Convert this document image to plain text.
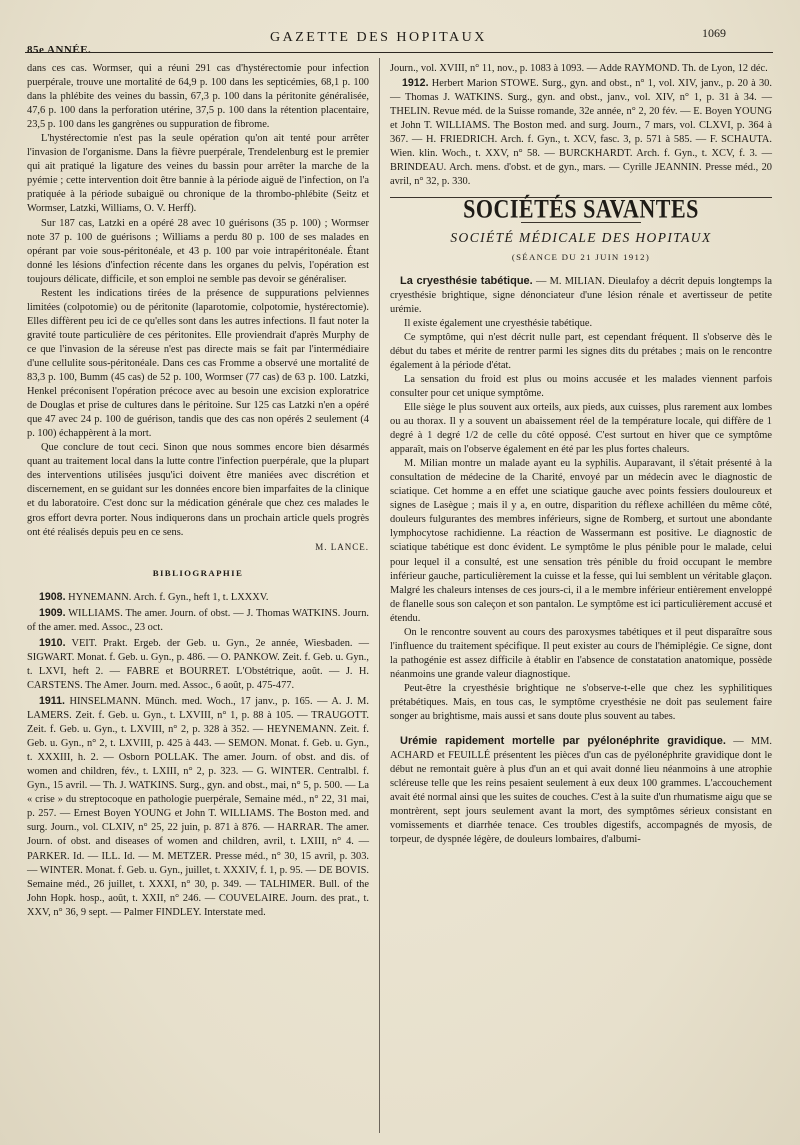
85e ANNÉE.
GAZETTE DES HOPITAUX	1069

dans ces cas. Wormser, qui a réuni 291 cas d'hystérectomie pour infection puerpérale, trouve une mortalité de 64,9 p. 100 dans les septicémies, 68,1 p. 100 dans la phlébite des veines du bassin, 67,3 p. 100 dans la péritonite généralisée, 47,6 p. 100 dans la perforation utérine, 37,5 p. 100 dans la rétention placentaire, 23,5 p. 100 dans les gangrènes ou suppuration de fibrome.

L'hystérectomie n'est pas la seule opération qu'on ait tenté pour arrêter l'invasion de l'organisme. Dans la fièvre puerpérale, Trendelenburg est le premier qui ait pratiqué la ligature des veines du bassin pour arrêter la marche de la pyémie ; cette intervention doit être bannie à la période aiguë de l'infection, on l'a pratiquée à la période subaiguë ou chronique de la thrombo-phlébite (Seitz et Wormser, Latzki, Williams, O. V. Herff).

Sur 187 cas, Latzki en a opéré 28 avec 10 guérisons (35 p. 100) ; Wormser note 37 p. 100 de guérisons ; Williams a perdu 80 p. 100 de ses malades en opérant par voie sous-péritonéale, et 43 p. 100 par voie intrapéritonéale. Étant donné les lésions d'infection récente dans les organes du pelvis, l'opération est toujours délicate, difficile, et son emploi ne semble pas devoir se généraliser.

Restent les indications tirées de la présence de suppurations pelviennes limitées (colpotomie) ou de péritonite (laparotomie, colpotomie, hystérectomie). Elles diffèrent peu ici de ce qu'elles sont dans les autres infections. Il faut noter la gravité toute particulière de ces péritonites. Elle proviendrait d'après Murphy de ce que l'invasion de la séreuse n'est pas directe mais se fait par l'intermédiaire d'une cellulite sous-péritonéale. Dans ces cas Fromme a observé une mortalité de 83,3 p. 100, Bumm (45 cas) de 52 p. 100, Wormser (77 cas) de 63 p. 100. Latzki, Henkel préconisent l'opération précoce avec au besoin une excision exploratrice de Douglas et prise de cultures dans le péritoine. Sur 125 cas Latzki n'en a opéré que 47 avec 24 p. 100 de guérison, tandis que des cas non opérés 2 seulement (4 p. 100) échappèrent à la mort.

Que conclure de tout ceci. Sinon que nous sommes encore bien désarmés quant au traitement local dans la lutte contre l'infection puerpérale, que la plupart des interventions utilisées jusqu'ici doivent être maniées avec discrétion et discernement, en se guidant sur les données encore bien imparfaites de la clinique et du laboratoire. C'est donc sur la médication générale que chez ces malades le gros effort devra porter. Nous indiquerons dans un prochain article quels progrès ont été réalisés depuis peu en ce sens.

M. LANCE.

BIBLIOGRAPHIE

1908. HYNEMANN. Arch. f. Gyn., heft 1, t. LXXXV.

1909. WILLIAMS. The amer. Journ. of obst. — J. Thomas WATKINS. Journ. of the amer. med. Assoc., 23 oct.

1910. VEIT. Prakt. Ergeb. der Geb. u. Gyn., 2e année, Wiesbaden. — SIGWART. Monat. f. Geb. u. Gyn., p. 486. — O. PANKOW. Zeit. f. Geb. u. Gyn., t. LXVI, heft 2. — FABRE et BOURRET. L'Obstétrique, août. — J. H. CARSTENS. The Amer. Journ. med. Assoc., 6 août, p. 475-477.

1911. HINSELMANN. Münch. med. Woch., 17 janv., p. 165. — A. J. M. LAMERS. Zeit. f. Geb. u. Gyn., t. LXVIII, n° 1, p. 88 à 105. — TRAUGOTT. Zeit. f. Geb. u. Gyn., t. LXVIII, n° 2, p. 328 à 352. — HEYNEMANN. Zeit. f. Geb. u. Gyn., n° 2, t. LXVIII, p. 425 à 443. — SEMON. Monat. f. Geb. u. Gyn., t. XXXIII, h. 2. — Osborn POLLAK. The amer. Journ. of obst. and dis. of women and children, fév., t. LXIII, n° 2, p. 323. — G. WINTER. Centralbl. f. Gyn., 15 avril. — Th. J. WATKINS. Surg., gyn. and obst., mai, n° 5, p. 500. — La « crise » du streptocoque en pathologie puerpérale, Semaine méd., n° 22, 31 mai, p. 257. — Ernest Boyen YOUNG et John T. WILLIAMS. The Boston med. and surg. Journ., vol. CLXIV, n° 25, 22 juin, p. 871 à 876. — HARRAR. The amer. Journ. of obst. and diseases of women and children, avril, t. LXIII, n° 4. — PARKER. Id. — ILL. Id. — M. METZER. Presse méd., n° 30, 15 avril, p. 303. — WINTER. Monat. f. Geb. u. Gyn., juillet, t. XXXIV, f. 1, p. 95. — DE BOVIS. Semaine méd., 26 juillet, t. XXXI, n° 30, p. 349. — TALHIMER. Bull. of the John Hopk. hosp., août, t. XXII, n° 246. — COUVELAIRE. Journ. des prat., t. XXV, n° 36, 9 sept. — Palmer FINDLEY. Interstate med.

Journ., vol. XVIII, n° 11, nov., p. 1083 à 1093. — Adde RAYMOND. Th. de Lyon, 12 déc.

1912. Herbert Marion STOWE. Surg., gyn. and obst., n° 1, vol. XIV, janv., p. 20 à 30. — Thomas J. WATKINS. Surg., gyn. and obst., janv., vol. XIV, n° 1, p. 31 à 34. — THELIN. Revue méd. de la Suisse romande, 32e année, n° 2, 20 fév. — E. Boyen YOUNG et John T. WILLIAMS. The Boston med. and surg. Journ., 7 mars, vol. CLXVI, p. 364 à 367. — H. FRIEDRICH. Arch. f. Gyn., t. XCV, fasc. 3, p. 571 à 585. — F. SCHAUTA. Wien. klin. Woch., t. XXV, n° 58. — BURCKHARDT. Arch. f. Gyn., t. XCV, f. 3. — BRINDEAU. Arch. mens. d'obst. et de gyn., mars. — Cyrille JEANNIN. Presse méd., 20 avril, n° 32, p. 330.

SOCIÉTÉS SAVANTES
SOCIÉTÉ MÉDICALE DES HOPITAUX
(SÉANCE DU 21 JUIN 1912)

La cryesthésie tabétique. — M. MILIAN. Dieulafoy a décrit depuis longtemps la cryesthésie brightique, signe dénonciateur d'une lésion rénale et avertisseur de petite urémie.

Il existe également une cryesthésie tabétique.

Ce symptôme, qui n'est décrit nulle part, est cependant fréquent. Il s'observe dès le début du tabes et mérite de rentrer parmi les signes dits du prétabes ; mais on le rencontre également à la période d'état.

La sensation du froid est plus ou moins accusée et les malades viennent parfois consulter pour cet unique symptôme.

Elle siège le plus souvent aux orteils, aux pieds, aux cuisses, plus rarement aux lombes ou au thorax. Il y a souvent un abaissement réel de la température locale, qui diffère de 1 degré à 1 degré 1/2 de celle du côté opposé. C'est surtout en hiver que ce symptôme apparaît, mais on l'observe également en été par les plus fortes chaleurs.

M. Milian montre un malade ayant eu la syphilis. Auparavant, il s'était présenté à la consultation de médecine de la Charité, envoyé par un médecin avec le diagnostic de sciatique. Cet homme a en effet une sciatique gauche avec points fessiers douloureux et signes de Lasègue ; mais il y a, en outre, disparition du réflexe achilléen du même côté, douleurs fulgurantes des membres inférieurs, signe de Romberg, et surtout une abondante lymphocytose rachidienne. La réaction de Wassermann est positive. Le diagnostic de sciatique tabétique est donc évident. Le symptôme le plus pénible pour le malade, celui pour lequel il a consulté, est une sensation très pénible du froid occupant le membre inférieur gauche, particulièrement la cuisse et la fesse, qui lui semblent un véritable glaçon. Malgré les chaleurs intenses de ces jours-ci, il a le membre inférieur entièrement enveloppé de flanelle sous son caleçon et son pantalon. Le symptôme est ici particulièrement accusé et étendu.

On le rencontre souvent au cours des paroxysmes tabétiques et il peut disparaître sous l'influence du traitement spécifique. Il peut exister au cours de l'hémiplégie. Ce signe, dont la pathogénie est assez difficile à établir en l'absence de constatation anatomique, possède néanmoins une grande valeur diagnostique.

Peut-être la cryesthésie brightique ne s'observe-t-elle que chez les syphilitiques prétabétiques. Mais, en tous cas, le symptôme cryesthésie ne doit pas seulement faire songer au brightisme, mais aussi et sans doute plus souvent au tabes.

Urémie rapidement mortelle par pyélonéphrite gravidique. — MM. ACHARD et FEUILLÉ présentent les pièces d'un cas de pyélonéphrite gravidique dont le début ne remontait guère à plus d'un an et qui avait donné lieu néanmoins à une atrophie scléreuse telle que les reins pesaient seulement à eux deux 100 grammes. L'accouchement avait été normal ainsi que les suites de couches. C'est à la suite d'un rhumatisme aigu que se montrèrent, sept jours seulement avant la mort, des symptômes sérieux consistant en vomissements et diarrhée tenace. Ces troubles digestifs, accompagnés de myosis, de torpeur, de dyspnée légère, de douleurs lombaires, d'albumi-
